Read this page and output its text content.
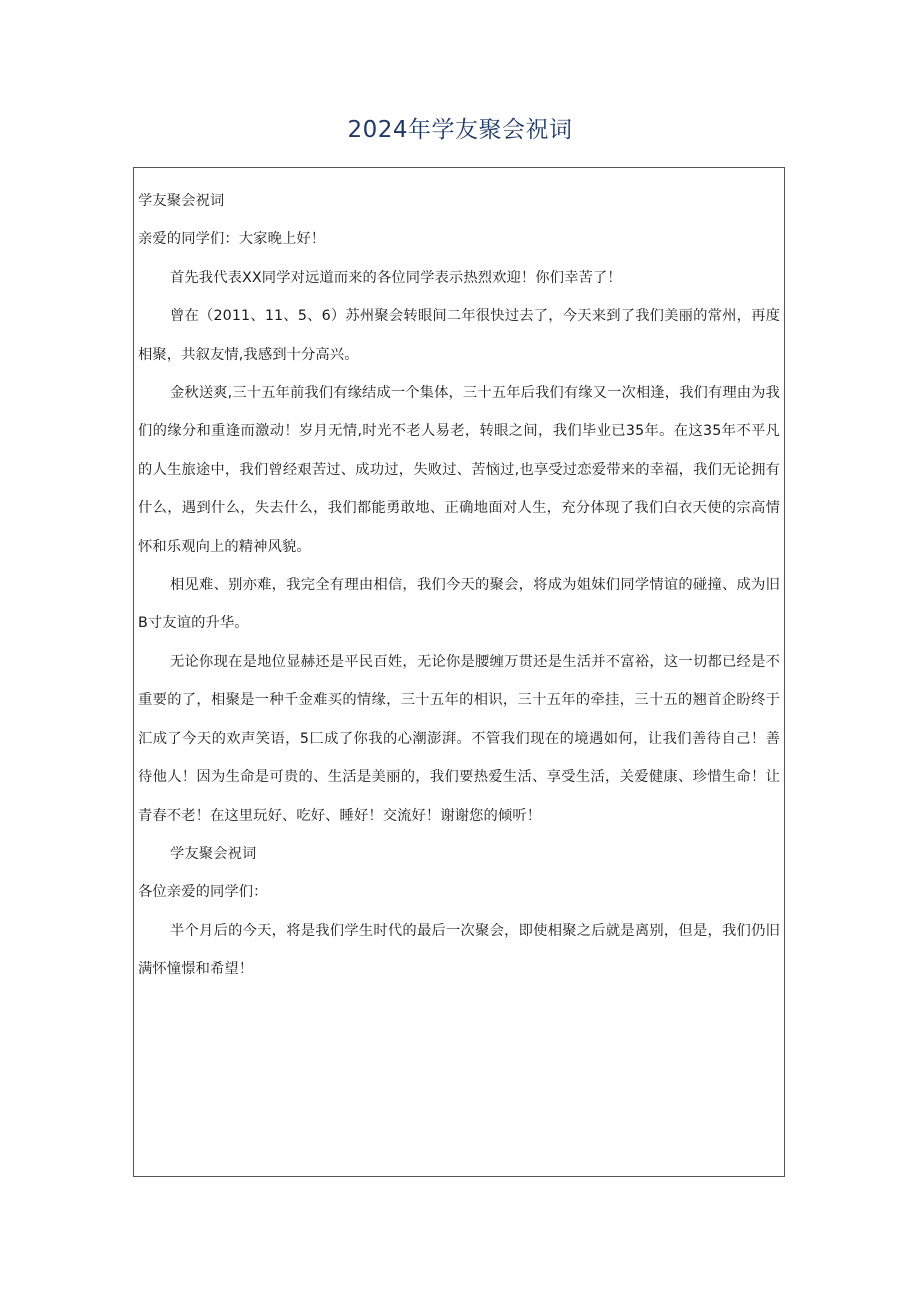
2024年学友聚会祝词

学友聚会祝词

亲爱的同学们：大家晚上好！

首先我代表XX同学对远道而来的各位同学表示热烈欢迎！你们幸苦了！

曾在（2011、11、5、6）苏州聚会转眼间二年很快过去了，今天来到了我们美丽的常州，再度相聚，共叙友情,我感到十分高兴。

金秋送爽,三十五年前我们有缘结成一个集体，三十五年后我们有缘又一次相逢，我们有理由为我们的缘分和重逢而激动！岁月无情,时光不老人易老，转眼之间，我们毕业已35年。在这35年不平凡的人生旅途中，我们曾经艰苦过、成功过，失败过、苦恼过,也享受过恋爱带来的幸福，我们无论拥有什么，遇到什么，失去什么，我们都能勇敢地、正确地面对人生，充分体现了我们白衣天使的宗高情怀和乐观向上的精神风貌。

相见难、别亦难，我完全有理由相信，我们今天的聚会，将成为姐妹们同学情谊的碰撞、成为旧B寸友谊的升华。

无论你现在是地位显赫还是平民百姓，无论你是腰缠万贯还是生活并不富裕，这一切都已经是不重要的了，相聚是一种千金难买的情缘，三十五年的相识，三十五年的牵挂，三十五的翘首企盼终于汇成了今天的欢声笑语，5匚成了你我的心潮澎湃。不管我们现在的境遇如何，让我们善待自己！善待他人！因为生命是可贵的、生活是美丽的，我们要热爱生活、享受生活，关爱健康、珍惜生命！让青春不老！在这里玩好、吃好、睡好！交流好！谢谢您的倾听！

学友聚会祝词

各位亲爱的同学们：

半个月后的今天，将是我们学生时代的最后一次聚会，即使相聚之后就是离别，但是，我们仍旧满怀憧憬和希望！
